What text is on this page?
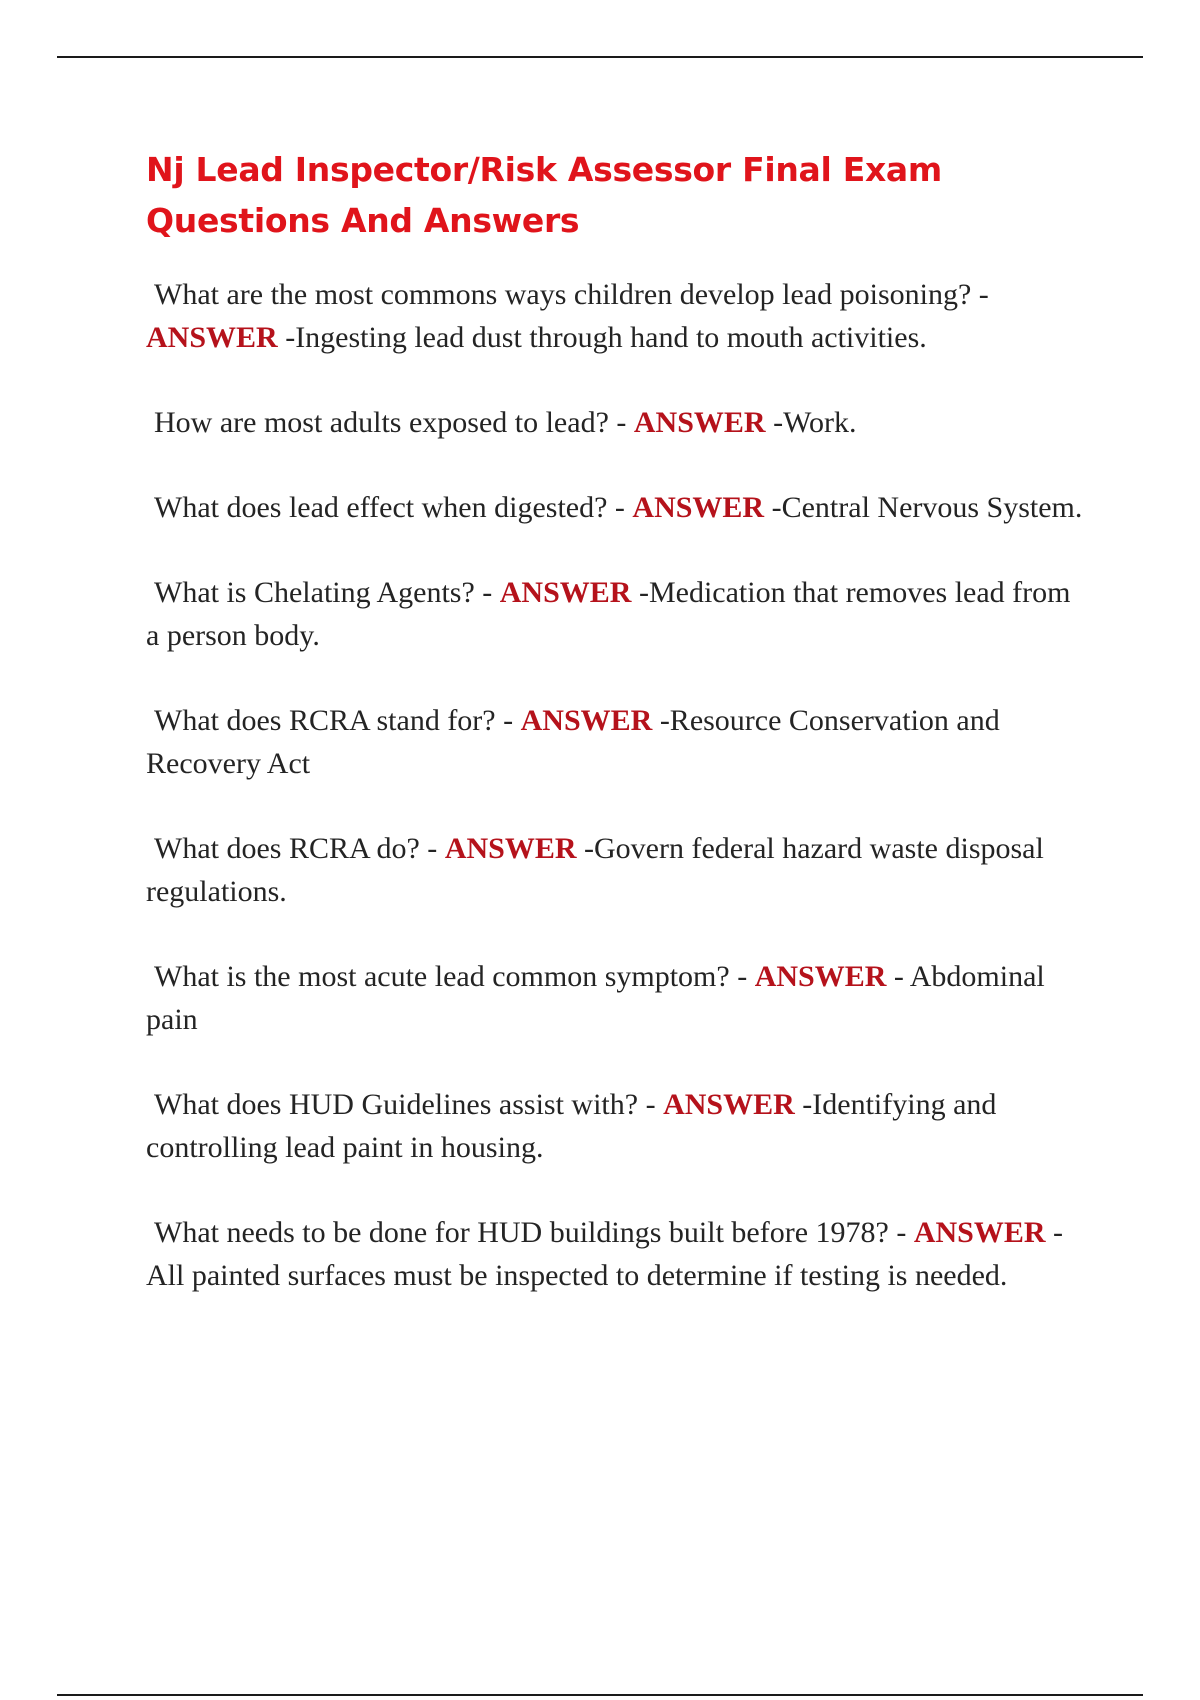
Nj Lead Inspector/Risk Assessor Final Exam Questions And Answers

What are the most commons ways children develop lead poisoning? - ANSWER -Ingesting lead dust through hand to mouth activities.

How are most adults exposed to lead? - ANSWER -Work.

What does lead effect when digested? - ANSWER -Central Nervous System.

What is Chelating Agents? - ANSWER -Medication that removes lead from a person body.

What does RCRA stand for? - ANSWER -Resource Conservation and Recovery Act

What does RCRA do? - ANSWER -Govern federal hazard waste disposal regulations.

What is the most acute lead common symptom? - ANSWER - Abdominal pain

What does HUD Guidelines assist with? - ANSWER -Identifying and controlling lead paint in housing.

What needs to be done for HUD buildings built before 1978? - ANSWER -All painted surfaces must be inspected to determine if testing is needed.
